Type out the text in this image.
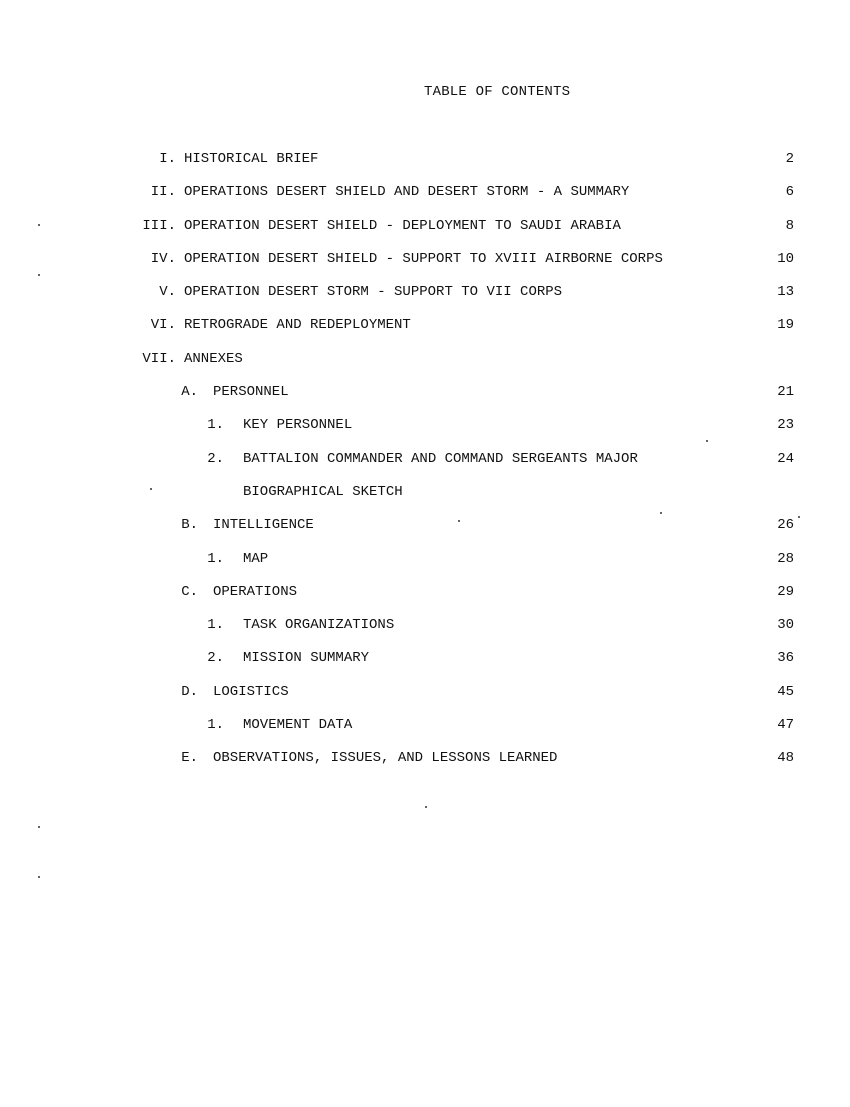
TABLE OF CONTENTS
I. HISTORICAL BRIEF	2
II. OPERATIONS DESERT SHIELD AND DESERT STORM - A SUMMARY	6
III. OPERATION DESERT SHIELD - DEPLOYMENT TO SAUDI ARABIA	8
IV. OPERATION DESERT SHIELD - SUPPORT TO XVIII AIRBORNE CORPS	10
V. OPERATION DESERT STORM - SUPPORT TO VII CORPS	13
VI. RETROGRADE AND REDEPLOYMENT	19
VII. ANNEXES
A. PERSONNEL	21
1. KEY PERSONNEL	23
2. BATTALION COMMANDER AND COMMAND SERGEANTS MAJOR	24
BIOGRAPHICAL SKETCH
B. INTELLIGENCE	26
1. MAP	28
C. OPERATIONS	29
1. TASK ORGANIZATIONS	30
2. MISSION SUMMARY	36
D. LOGISTICS	45
1. MOVEMENT DATA	47
E. OBSERVATIONS, ISSUES, AND LESSONS LEARNED	48
